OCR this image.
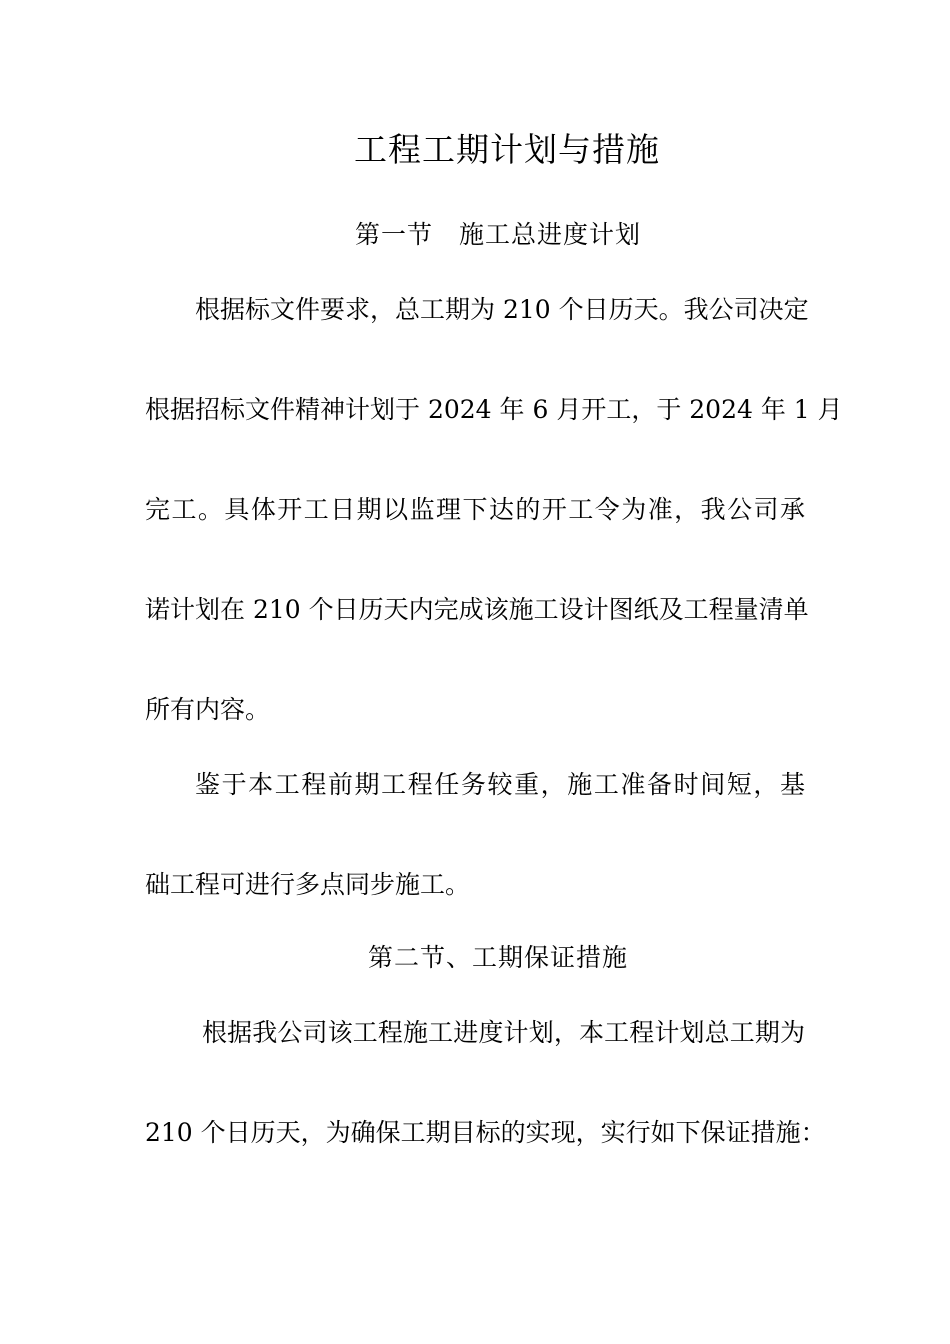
工程工期计划与措施
第一节　施工总进度计划
根据标文件要求，总工期为 210 个日历天。我公司决定
根据招标文件精神计划于 2024 年 6 月开工，于 2024 年 1 月
完工。具体开工日期以监理下达的开工令为准，我公司承
诺计划在 210 个日历天内完成该施工设计图纸及工程量清单
所有内容。
鉴于本工程前期工程任务较重，施工准备时间短，基
础工程可进行多点同步施工。
第二节、工期保证措施
根据我公司该工程施工进度计划，本工程计划总工期为
210 个日历天，为确保工期目标的实现，实行如下保证措施：
